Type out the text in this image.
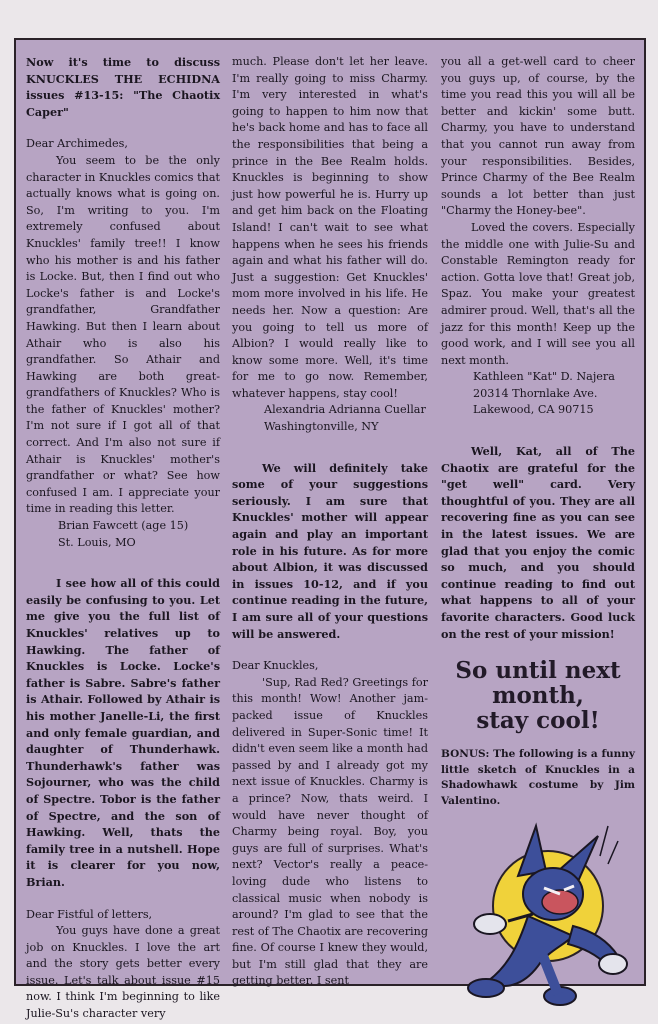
Now it's time to discuss KNUCKLES THE ECHIDNA issues #13-15: "The Chaotix Caper"

Dear Archimedes,

You seem to be the only character in Knuckles comics that actually knows what is going on. So, I'm writing to you. I'm extremely confused about Knuckles' family tree!! I know who his mother is and his father is Locke. But, then I find out who Locke's father is and Locke's grandfather, Grandfather Hawking. But then I learn about Athair who is also his grandfather. So Athair and Hawking are both great-grandfathers of Knuckles? Who is the father of Knuckles' mother? I'm not sure if I got all of that correct. And I'm also not sure if Athair is Knuckles' mother's grandfather or what? See how confused I am. I appreciate your time in reading this letter.

Brian Fawcett (age 15)

St. Louis, MO

I see how all of this could easily be confusing to you. Let me give you the full list of Knuckles' relatives up to Hawking. The father of Knuckles is Locke. Locke's father is Sabre. Sabre's father is Athair. Followed by Athair is his mother Janelle-Li, the first and only female guardian, and daughter of Thunderhawk. Thunderhawk's father was Sojourner, who was the child of Spectre. Tobor is the father of Spectre, and the son of Hawking. Well, thats the family tree in a nutshell. Hope it is clearer for you now, Brian.

Dear Fistful of letters,

You guys have done a great job on Knuckles. I love the art and the story gets better every issue. Let's talk about issue #15 now. I think I'm beginning to like Julie-Su's character very

much. Please don't let her leave. I'm really going to miss Charmy. I'm very interested in what's going to happen to him now that he's back home and has to face all the responsibilities that being a prince in the Bee Realm holds. Knuckles is beginning to show just how powerful he is. Hurry up and get him back on the Floating Island! I can't wait to see what happens when he sees his friends again and what his father will do. Just a suggestion: Get Knuckles' mom more involved in his life. He needs her. Now a question: Are you going to tell us more of Albion? I would really like to know some more. Well, it's time for me to go now. Remember, whatever happens, stay cool!

Alexandria Adrianna Cuellar

Washingtonville, NY

We will definitely take some of your suggestions seriously. I am sure that Knuckles' mother will appear again and play an important role in his future. As for more about Albion, it was discussed in issues 10-12, and if you continue reading in the future, I am sure all of your questions will be answered.

Dear Knuckles,

'Sup, Rad Red? Greetings for this month! Wow! Another jam-packed issue of Knuckles delivered in Super-Sonic time! It didn't even seem like a month had passed by and I already got my next issue of Knuckles. Charmy is a prince? Now, thats weird. I would have never thought of Charmy being royal. Boy, you guys are full of surprises. What's next? Vector's really a peace-loving dude who listens to classical music when nobody is around? I'm glad to see that the rest of The Chaotix are recovering fine. Of course I knew they would, but I'm still glad that they are getting better. I sent

you all a get-well card to cheer you guys up, of course, by the time you read this you will all be better and kickin' some butt. Charmy, you have to understand that you cannot run away from your responsibilities. Besides, Prince Charmy of the Bee Realm sounds a lot better than just "Charmy the Honey-bee".

Loved the covers. Especially the middle one with Julie-Su and Constable Remington ready for action. Gotta love that! Great job, Spaz. You make your greatest admirer proud. Well, that's all the jazz for this month! Keep up the good work, and I will see you all next month.

Kathleen "Kat" D. Najera

20314 Thornlake Ave.

Lakewood, CA 90715

Well, Kat, all of The Chaotix are grateful for the "get well" card. Very thoughtful of you. They are all recovering fine as you can see in the latest issues. We are glad that you enjoy the comic so much, and you should continue reading to find out what happens to all of your favorite characters. Good luck on the rest of your mission!

So until next
month,
stay cool!

BONUS: The following is a funny little sketch of Knuckles in a Shadowhawk costume by Jim Valentino.
